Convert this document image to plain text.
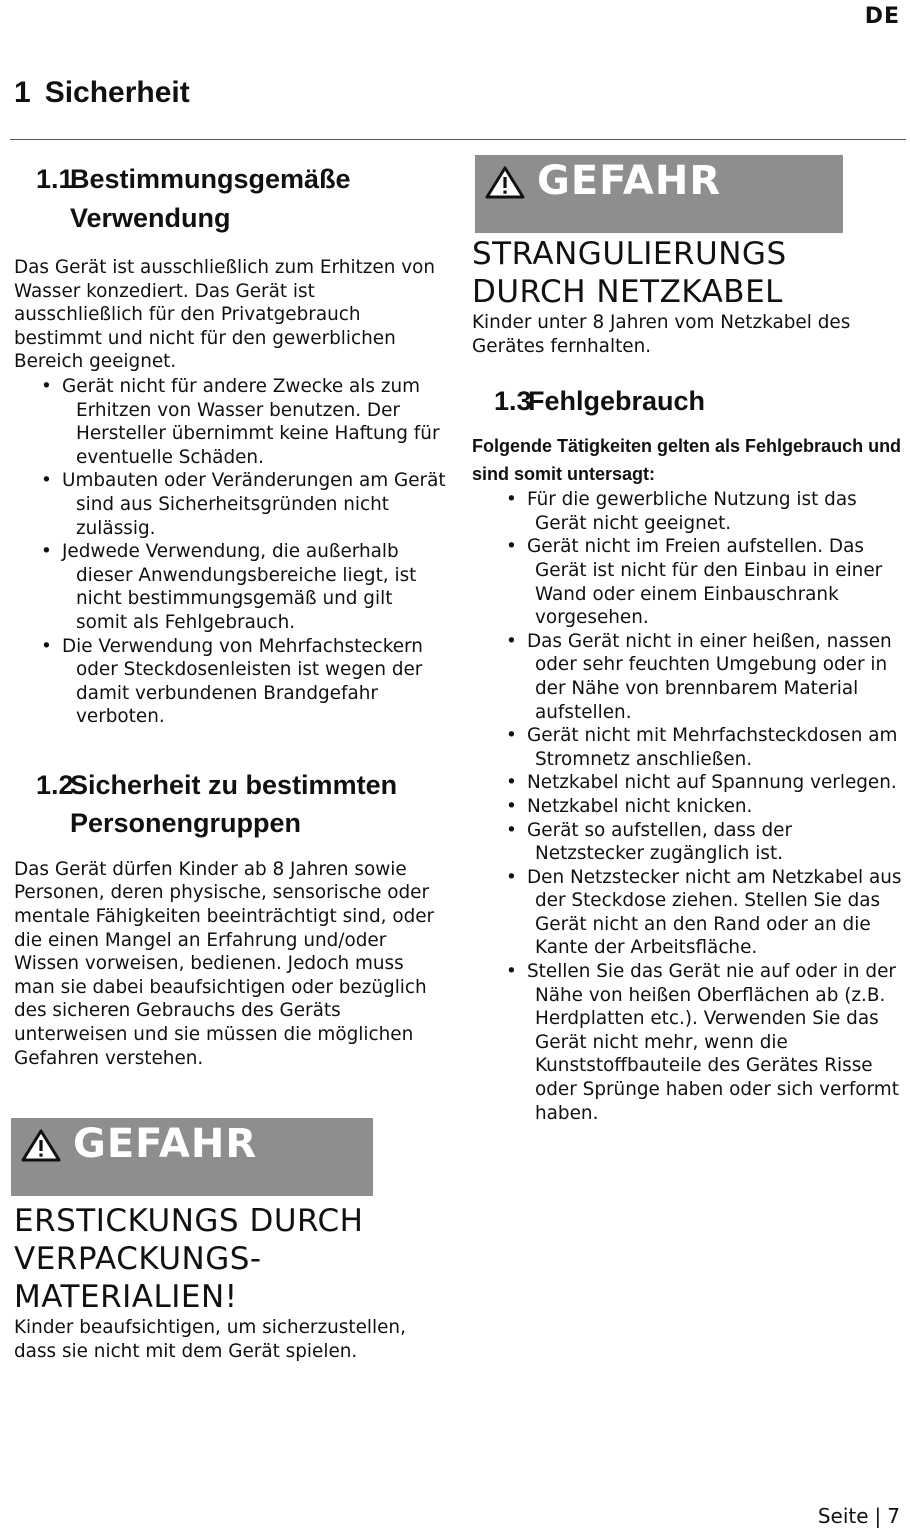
DE
1 Sicherheit
1.1Bestimmungsgemäße
Verwendung

Das Gerät ist ausschließlich zum Erhitzen von Wasser konzediert. Das Gerät ist ausschließlich für den Privatgebrauch bestimmt und nicht für den gewerblichen Bereich geeignet.

• Gerät nicht für andere Zwecke als zum Erhitzen von Wasser benutzen. Der Hersteller übernimmt keine Haftung für eventuelle Schäden.
• Umbauten oder Veränderungen am Gerät sind aus Sicherheitsgründen nicht zulässig.
• Jedwede Verwendung, die außerhalb dieser Anwendungsbereiche liegt, ist nicht bestimmungsgemäß und gilt somit als Fehlgebrauch.
• Die Verwendung von Mehrfachsteckern oder Steckdosenleisten ist wegen der damit verbundenen Brandgefahr verboten.
1.2Sicherheit zu bestimmten
Personengruppen

Das Gerät dürfen Kinder ab 8 Jahren sowie Personen, deren physische, sensorische oder mentale Fähigkeiten beeinträchtigt sind, oder die einen Mangel an Erfahrung und/oder Wissen vorweisen, bedienen. Jedoch muss man sie dabei beaufsichtigen oder bezüglich des sicheren Gebrauchs des Geräts unterweisen und sie müssen die möglichen Gefahren verstehen.

GEFAHR
ERSTICKUNGS DURCH
VERPACKUNGS-
MATERIALIEN!

Kinder beaufsichtigen, um sicherzustellen, dass sie nicht mit dem Gerät spielen.

GEFAHR
STRANGULIERUNGS
DURCH NETZKABEL

Kinder unter 8 Jahren vom Netzkabel des Gerätes fernhalten.

1.3Fehlgebrauch

Folgende Tätigkeiten gelten als Fehlgebrauch und sind somit untersagt:

• Für die gewerbliche Nutzung ist das Gerät nicht geeignet.
• Gerät nicht im Freien aufstellen. Das Gerät ist nicht für den Einbau in einer Wand oder einem Einbauschrank vorgesehen.
• Das Gerät nicht in einer heißen, nassen oder sehr feuchten Umgebung oder in der Nähe von brennbarem Material aufstellen.
• Gerät nicht mit Mehrfachsteckdosen am Stromnetz anschließen.
• Netzkabel nicht auf Spannung verlegen.
• Netzkabel nicht knicken.
• Gerät so aufstellen, dass der Netzstecker zugänglich ist.
• Den Netzstecker nicht am Netzkabel aus der Steckdose ziehen. Stellen Sie das Gerät nicht an den Rand oder an die Kante der Arbeitsfläche.
• Stellen Sie das Gerät nie auf oder in der Nähe von heißen Oberflächen ab (z.B. Herdplatten etc.). Verwenden Sie das Gerät nicht mehr, wenn die Kunststoffbauteile des Gerätes Risse oder Sprünge haben oder sich verformt haben.
Seite | 7
